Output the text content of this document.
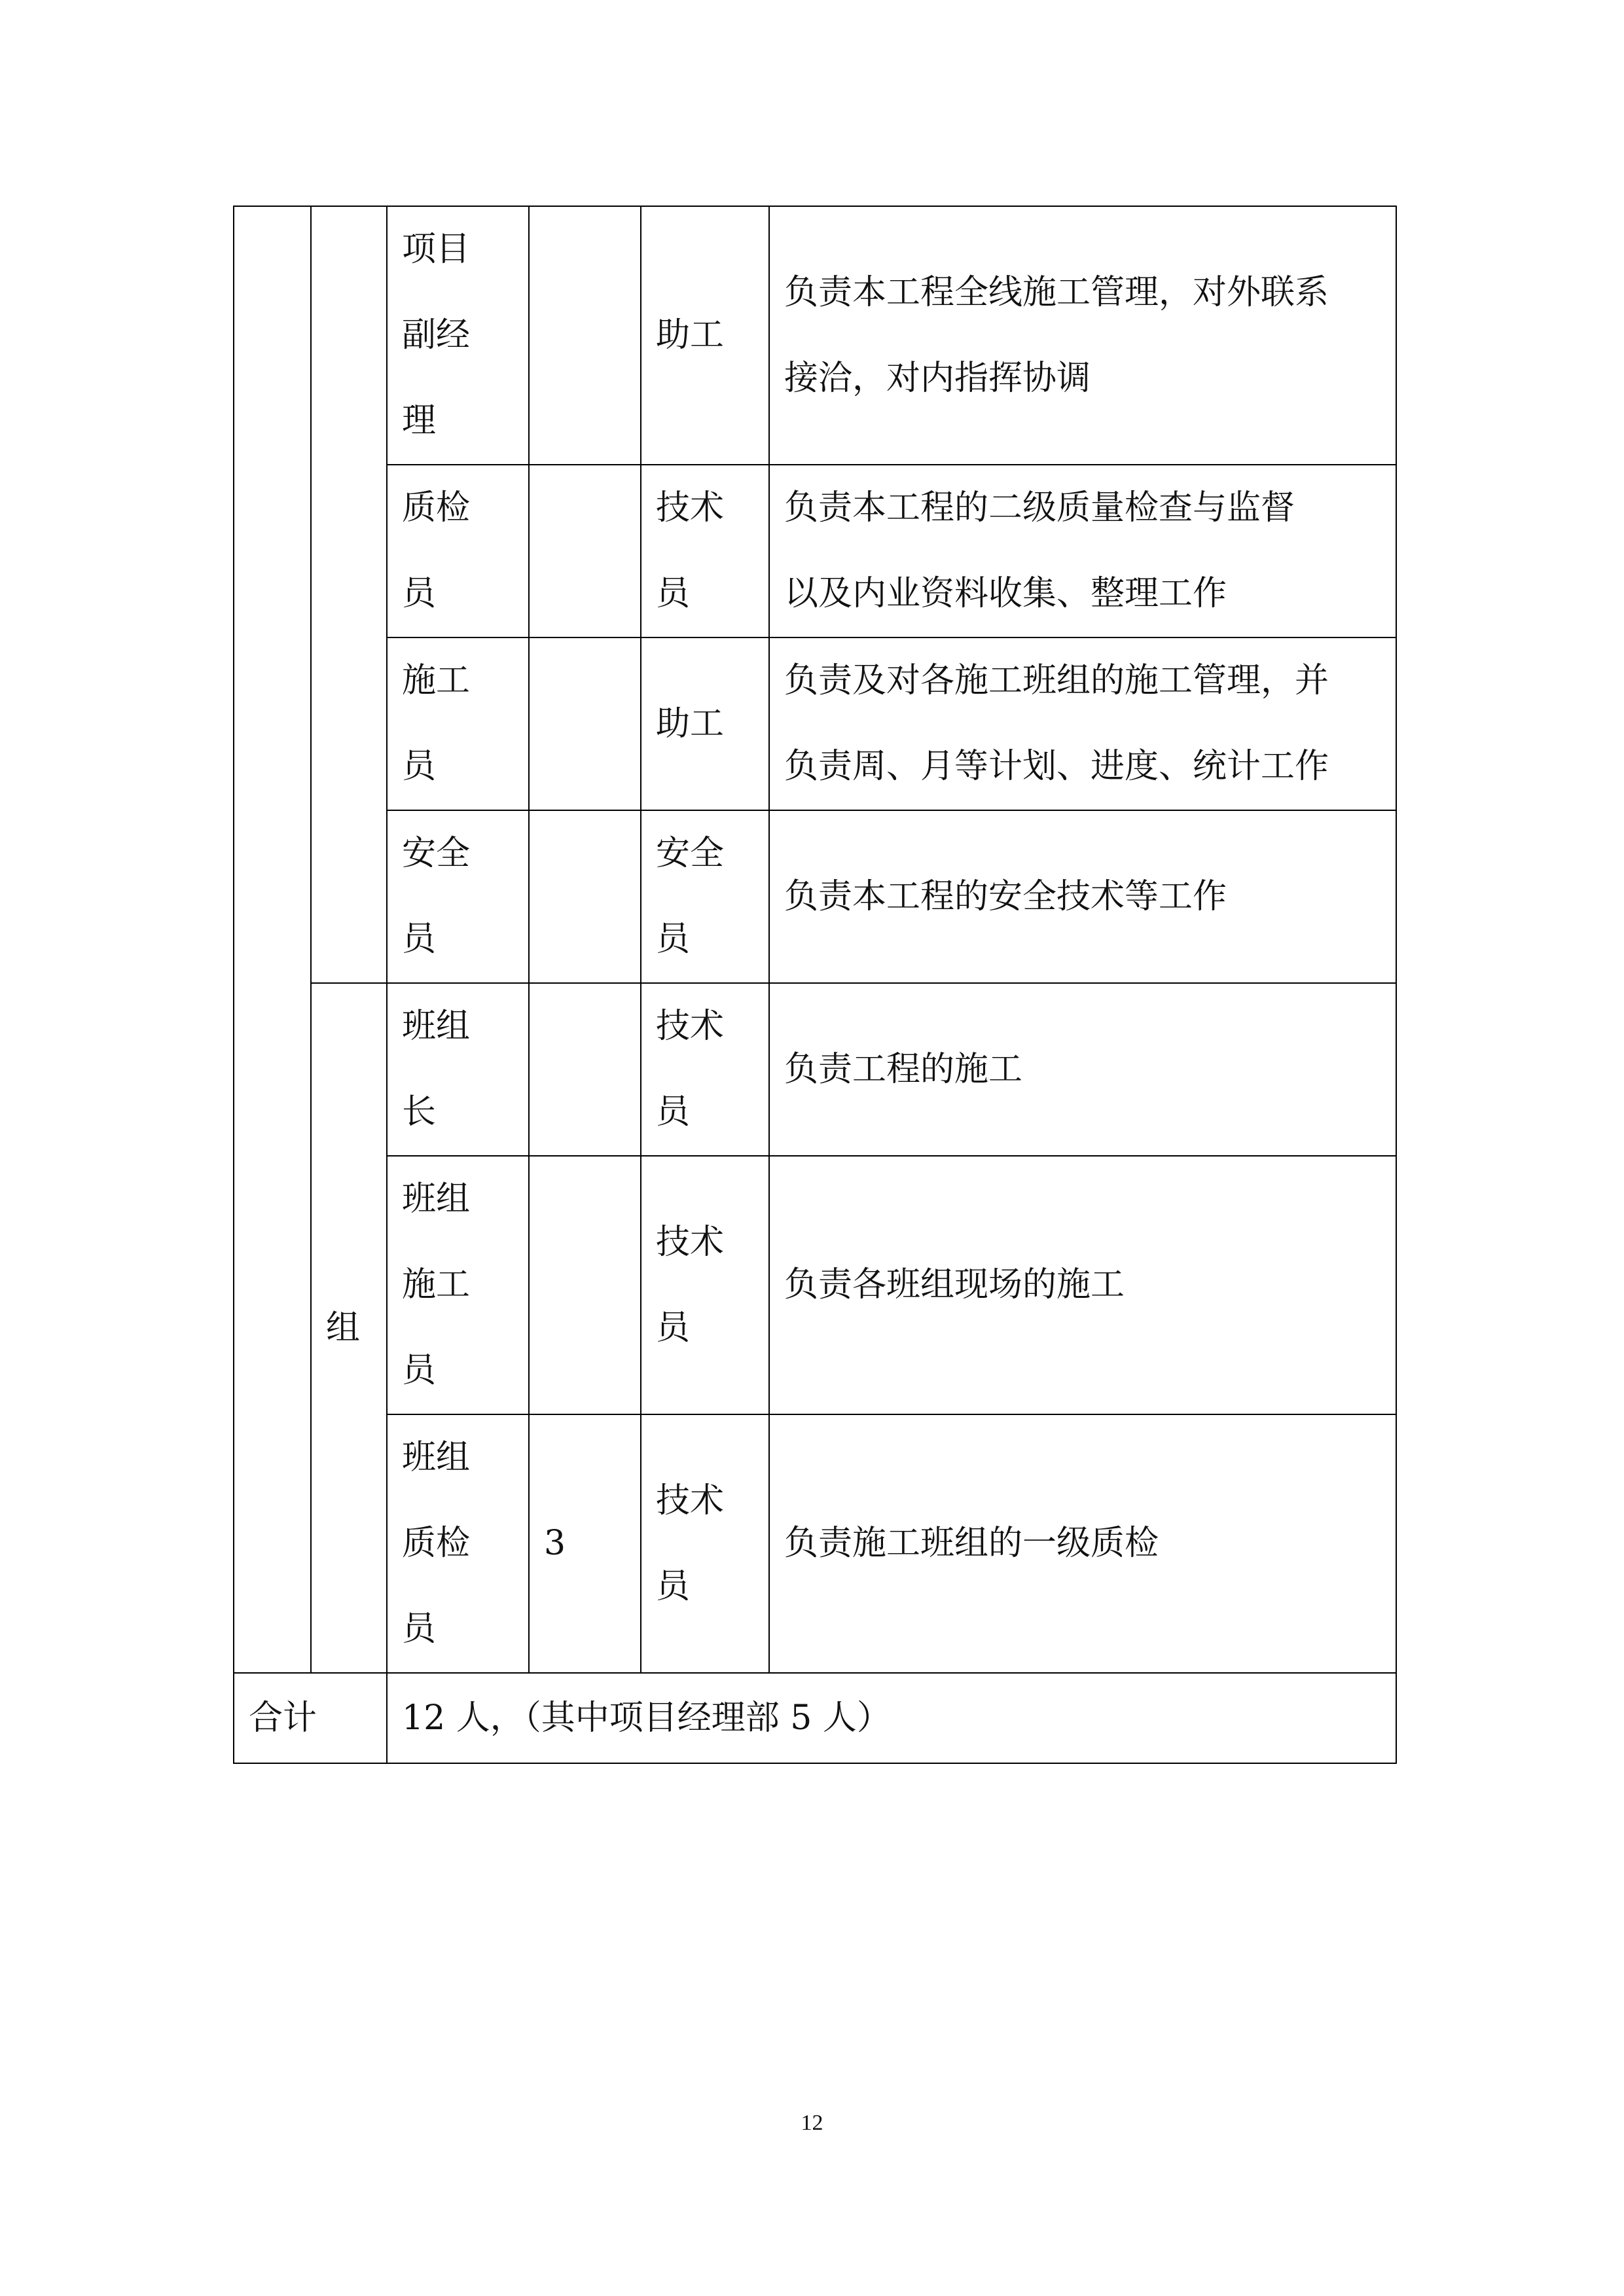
		项目
副经
理		助工	负责本工程全线施工管理，对外联系
接洽，对内指挥协调

		质检
员		技术
员	负责本工程的二级质量检查与监督
以及内业资料收集、整理工作

		施工
员		助工	负责及对各施工班组的施工管理，并
负责周、月等计划、进度、统计工作

		安全
员		安全
员	负责本工程的安全技术等工作

	组	班组
长		技术
员	负责工程的施工

		班组
施工
员		技术
员	负责各班组现场的施工

		班组
质检
员	3	技术
员	负责施工班组的一级质检

合计		12 人，（其中项目经理部 5 人）			
12
